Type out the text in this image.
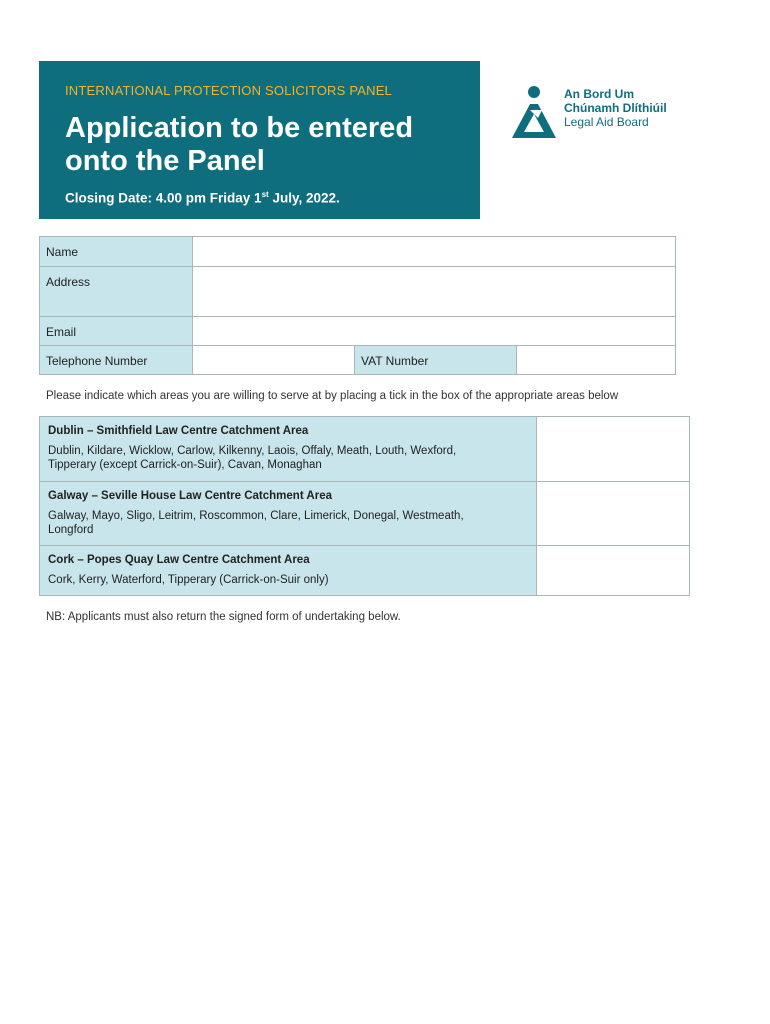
INTERNATIONAL PROTECTION SOLICITORS PANEL
Application to be entered
onto the Panel
Closing Date: 4.00 pm Friday 1st July, 2022.
An Bord Um
Chúnamh Dlíthiúil
Legal Aid Board
Name			
Address			
Email			
Telephone Number		VAT Number	
Please indicate which areas you are willing to serve at by placing a tick in the box of the appropriate areas below
Dublin – Smithfield Law Centre Catchment Area
Dublin, Kildare, Wicklow, Carlow, Kilkenny, Laois, Offaly, Meath, Louth, Wexford,
Tipperary (except Carrick-on-Suir), Cavan, Monaghan	

Galway – Seville House Law Centre Catchment Area
Galway, Mayo, Sligo, Leitrim, Roscommon, Clare, Limerick, Donegal, Westmeath,
Longford	

Cork – Popes Quay Law Centre Catchment Area
Cork, Kerry, Waterford, Tipperary (Carrick-on-Suir only)	

NB: Applicants must also return the signed form of undertaking below.
